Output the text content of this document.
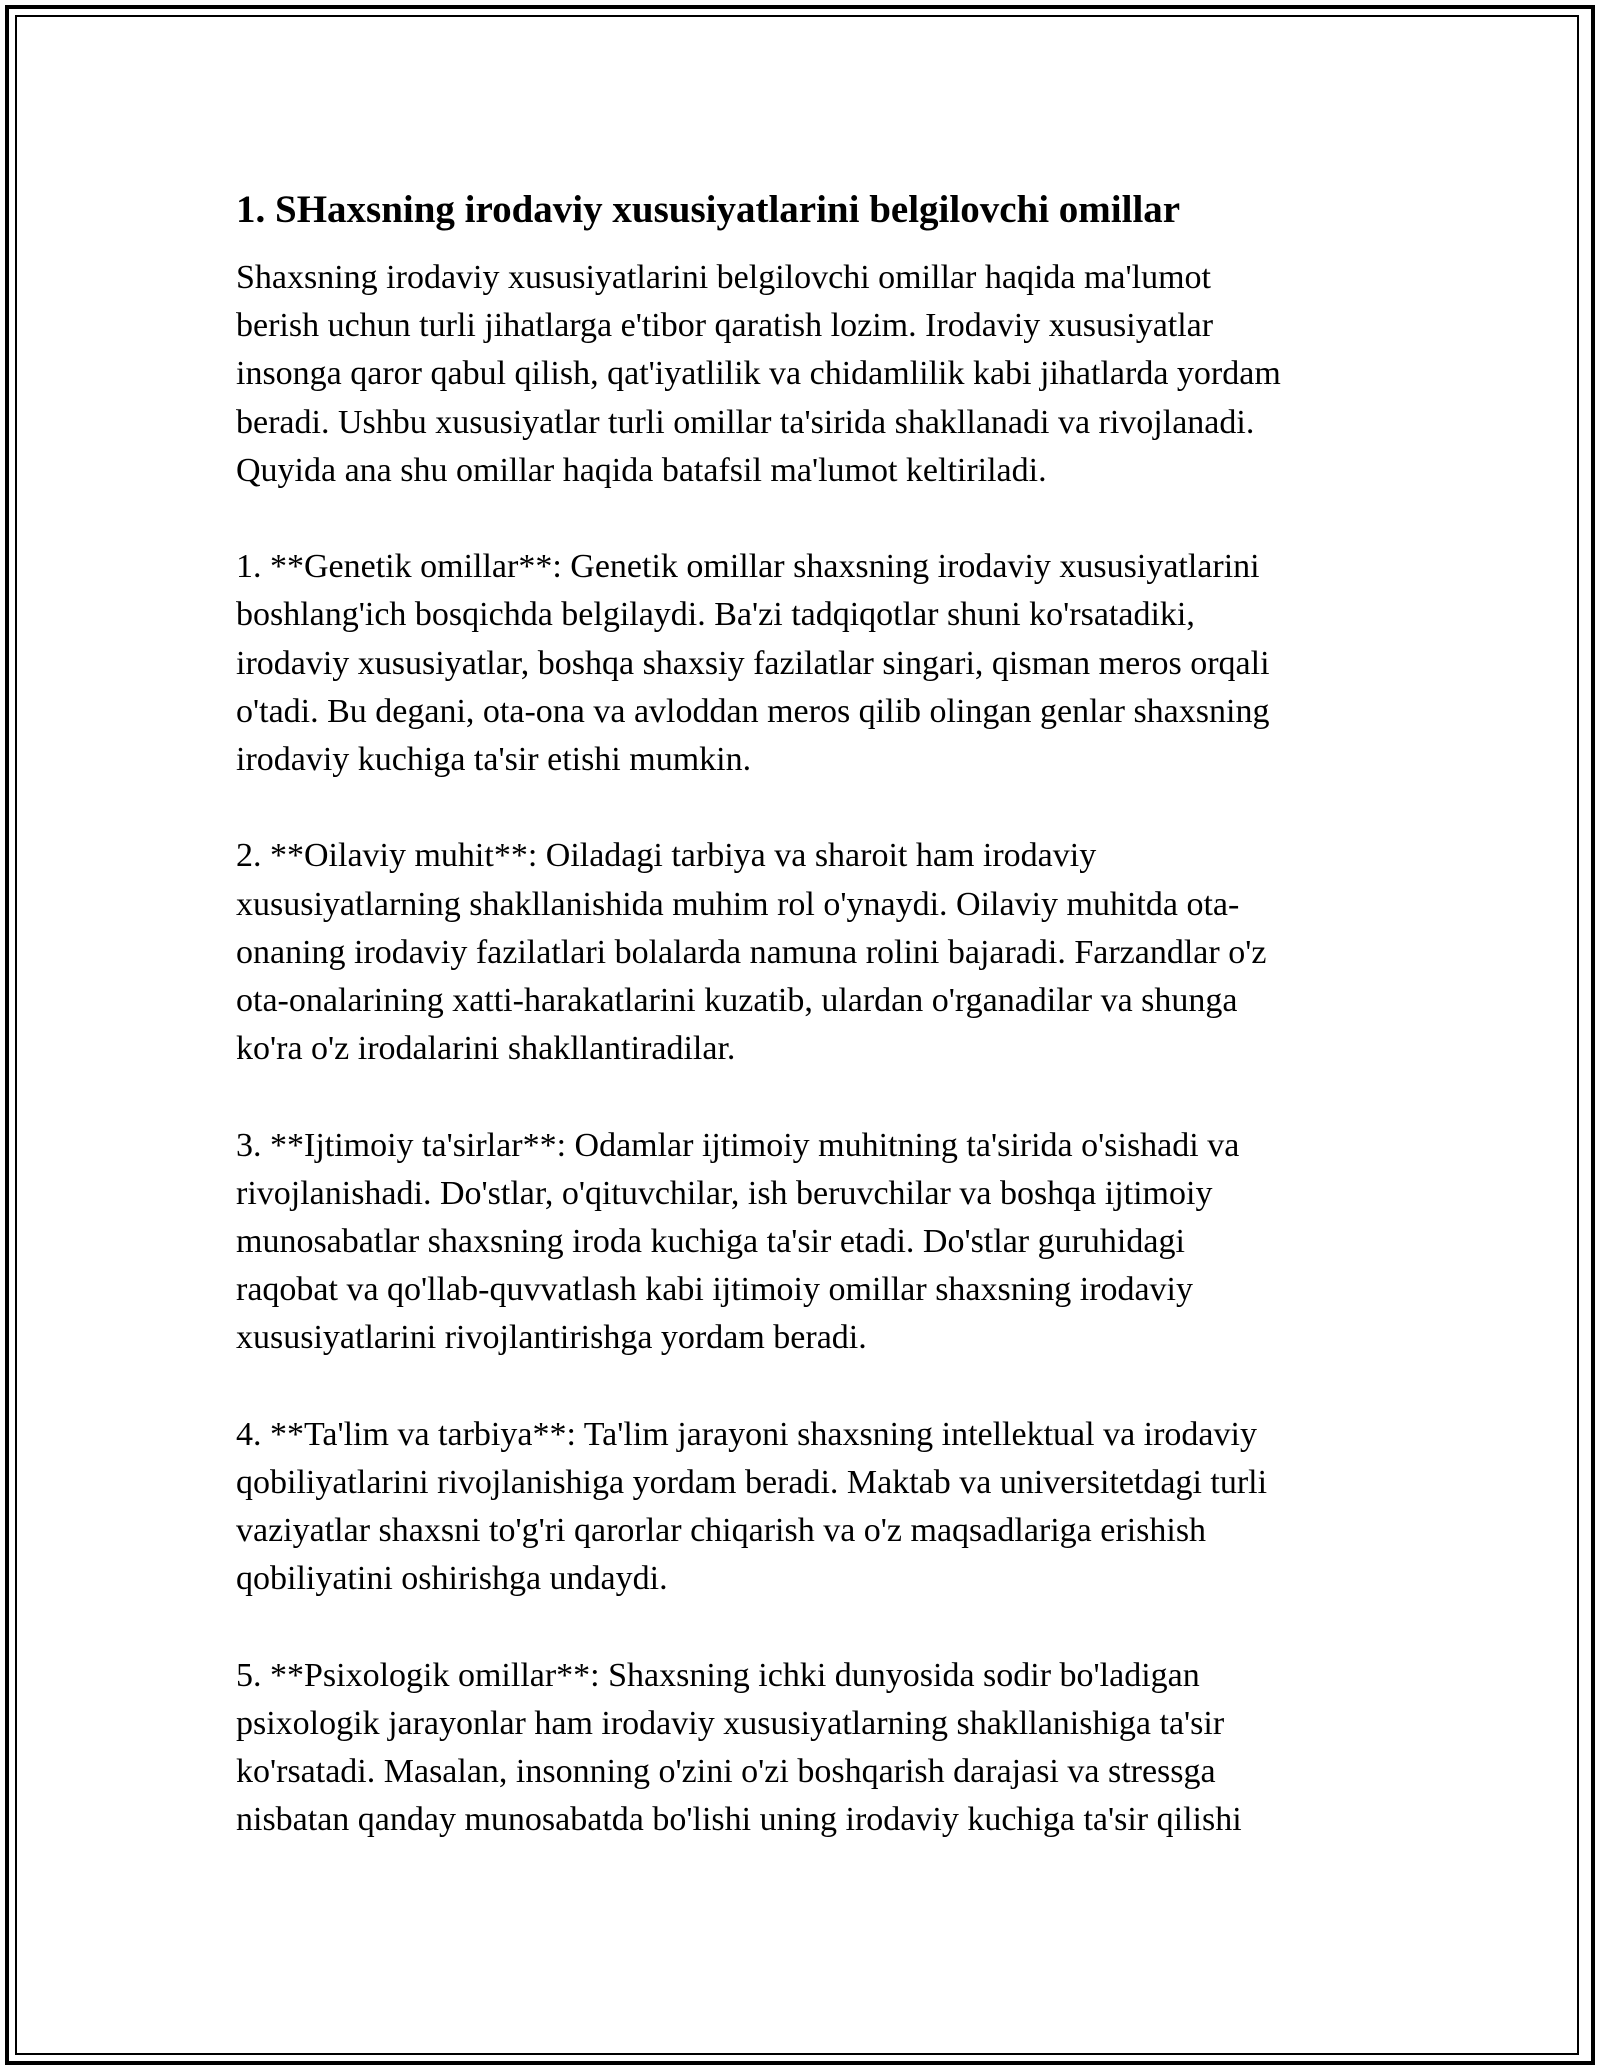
1. SHaxsning irodaviy xususiyatlarini belgilovchi omillar

Shaxsning irodaviy xususiyatlarini belgilovchi omillar haqida ma'lumot
berish uchun turli jihatlarga e'tibor qaratish lozim. Irodaviy xususiyatlar
insonga qaror qabul qilish, qat'iyatlilik va chidamlilik kabi jihatlarda yordam
beradi. Ushbu xususiyatlar turli omillar ta'sirida shakllanadi va rivojlanadi.
Quyida ana shu omillar haqida batafsil ma'lumot keltiriladi.

1. **Genetik omillar**: Genetik omillar shaxsning irodaviy xususiyatlarini
boshlang'ich bosqichda belgilaydi. Ba'zi tadqiqotlar shuni ko'rsatadiki,
irodaviy xususiyatlar, boshqa shaxsiy fazilatlar singari, qisman meros orqali
o'tadi. Bu degani, ota-ona va avloddan meros qilib olingan genlar shaxsning
irodaviy kuchiga ta'sir etishi mumkin.

2. **Oilaviy muhit**: Oiladagi tarbiya va sharoit ham irodaviy
xususiyatlarning shakllanishida muhim rol o'ynaydi. Oilaviy muhitda ota-
onaning irodaviy fazilatlari bolalarda namuna rolini bajaradi. Farzandlar o'z
ota-onalarining xatti-harakatlarini kuzatib, ulardan o'rganadilar va shunga
ko'ra o'z irodalarini shakllantiradilar.

3. **Ijtimoiy ta'sirlar**: Odamlar ijtimoiy muhitning ta'sirida o'sishadi va
rivojlanishadi. Do'stlar, o'qituvchilar, ish beruvchilar va boshqa ijtimoiy
munosabatlar shaxsning iroda kuchiga ta'sir etadi. Do'stlar guruhidagi
raqobat va qo'llab-quvvatlash kabi ijtimoiy omillar shaxsning irodaviy
xususiyatlarini rivojlantirishga yordam beradi.

4. **Ta'lim va tarbiya**: Ta'lim jarayoni shaxsning intellektual va irodaviy
qobiliyatlarini rivojlanishiga yordam beradi. Maktab va universitetdagi turli
vaziyatlar shaxsni to'g'ri qarorlar chiqarish va o'z maqsadlariga erishish
qobiliyatini oshirishga undaydi.

5. **Psixologik omillar**: Shaxsning ichki dunyosida sodir bo'ladigan
psixologik jarayonlar ham irodaviy xususiyatlarning shakllanishiga ta'sir
ko'rsatadi. Masalan, insonning o'zini o'zi boshqarish darajasi va stressga
nisbatan qanday munosabatda bo'lishi uning irodaviy kuchiga ta'sir qilishi
